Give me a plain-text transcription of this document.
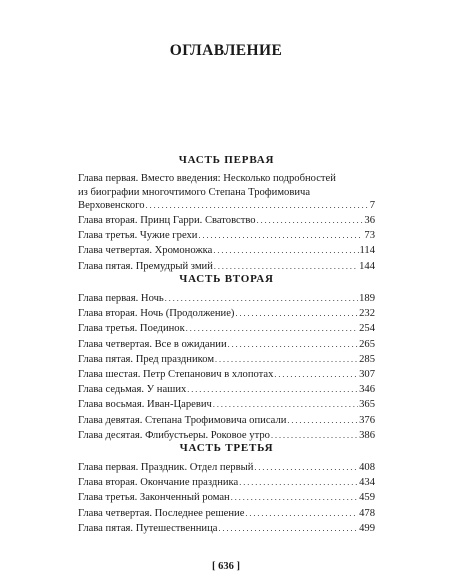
ОГЛАВЛЕНИЕ
ЧАСТЬ ПЕРВАЯ
Глава первая. Вместо введения: Несколько подробностей
из биографии многочтимого Степана Трофимовича
Верховенского . . .	7
Глава вторая. Принц Гарри. Сватовство . . .	36
Глава третья. Чужие грехи . . .	73
Глава четвертая. Хромоножка . . .	114
Глава пятая. Премудрый змий . . .	144
ЧАСТЬ ВТОРАЯ
Глава первая. Ночь . . .	189
Глава вторая. Ночь (Продолжение) . . .	232
Глава третья. Поединок . . .	254
Глава четвертая. Все в ожидании . . .	265
Глава пятая. Пред праздником . . .	285
Глава шестая. Петр Степанович в хлопотах . . .	307
Глава седьмая. У наших . . .	346
Глава восьмая. Иван-Царевич . . .	365
Глава девятая. Степана Трофимовича описали . . .	376
Глава десятая. Флибустьеры. Роковое утро . . .	386
ЧАСТЬ ТРЕТЬЯ
Глава первая. Праздник. Отдел первый . . .	408
Глава вторая. Окончание праздника . . .	434
Глава третья. Законченный роман . . .	459
Глава четвертая. Последнее решение . . .	478
Глава пятая. Путешественница . . .	499
[ 636 ]
